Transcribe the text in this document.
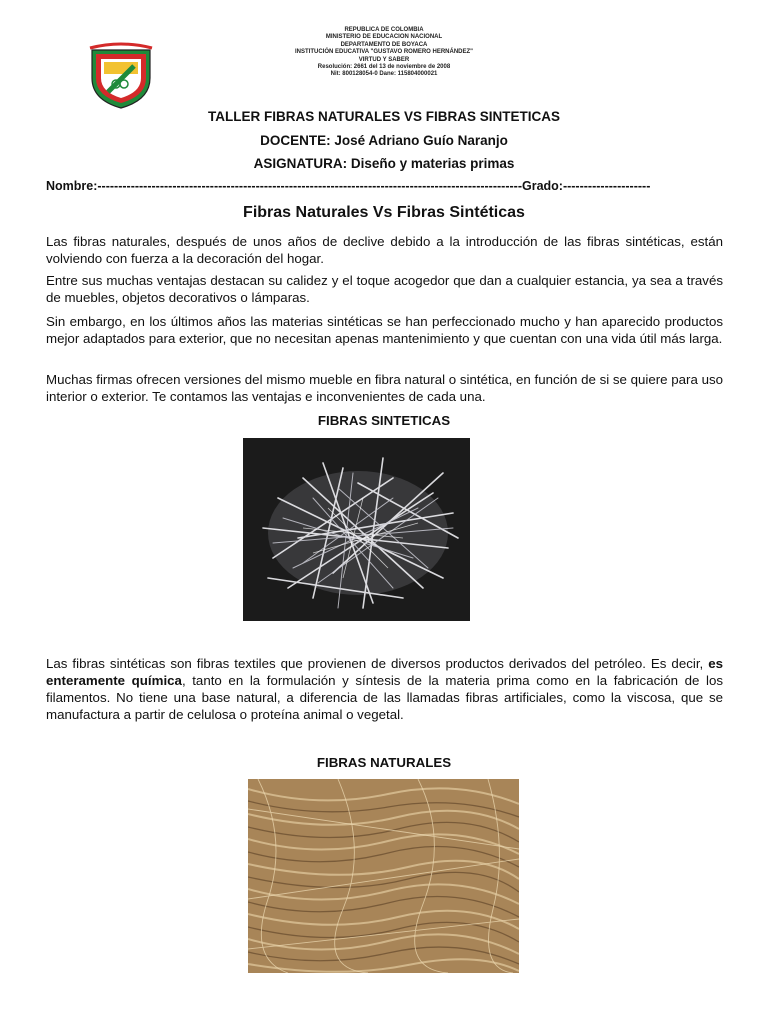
REPUBLICA DE COLOMBIA
MINISTERIO DE EDUCACION NACIONAL
DEPARTAMENTO DE BOYACA
INSTITUCIÓN EDUCATIVA "GUSTAVO ROMERO HERNÁNDEZ"
VIRTUD Y SABER
Resolución: 2661 del 13 de noviembre de 2008
Nit: 800128054-0 Dane: 115804000021
TALLER FIBRAS NATURALES VS FIBRAS SINTETICAS
DOCENTE: José Adriano Guío Naranjo
ASIGNATURA: Diseño y materias primas
Nombre:------------------------------------------------------------------------------------------------------Grado:---------------------
Fibras Naturales Vs Fibras Sintéticas
Las fibras naturales, después de unos años de declive debido a la introducción de las fibras sintéticas, están volviendo con fuerza a la decoración del hogar.
Entre sus muchas ventajas destacan su calidez y el toque acogedor que dan a cualquier estancia, ya sea a través de muebles, objetos decorativos o lámparas.
Sin embargo, en los últimos años las materias sintéticas se han perfeccionado mucho y han aparecido productos mejor adaptados para exterior, que no necesitan apenas mantenimiento y que cuentan con una vida útil más larga.
Muchas firmas ofrecen versiones del mismo mueble en fibra natural o sintética, en función de si se quiere para uso interior o exterior. Te contamos las ventajas e inconvenientes de cada una.
FIBRAS SINTETICAS
Las fibras sintéticas son fibras textiles que provienen de diversos productos derivados del petróleo. Es decir, es enteramente química, tanto en la formulación y síntesis de la materia prima como en la fabricación de los filamentos. No tiene una base natural, a diferencia de las llamadas fibras artificiales, como la viscosa, que se manufactura a partir de celulosa o proteína animal o vegetal.
FIBRAS NATURALES
